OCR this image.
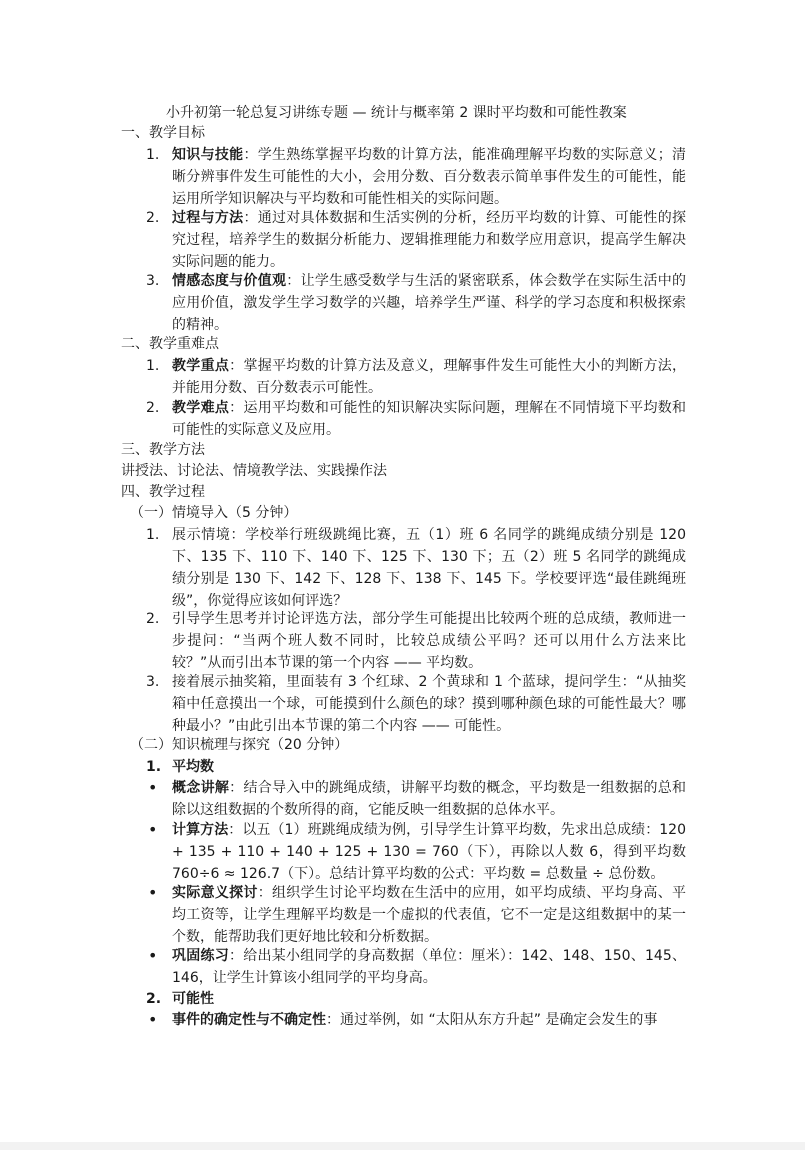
小升初第一轮总复习讲练专题 — 统计与概率第 2 课时平均数和可能性教案
一、教学目标
1. 知识与技能：学生熟练掌握平均数的计算方法，能准确理解平均数的实际意义；清晰分辨事件发生可能性的大小，会用分数、百分数表示简单事件发生的可能性，能运用所学知识解决与平均数和可能性相关的实际问题。
2. 过程与方法：通过对具体数据和生活实例的分析，经历平均数的计算、可能性的探究过程，培养学生的数据分析能力、逻辑推理能力和数学应用意识，提高学生解决实际问题的能力。
3. 情感态度与价值观：让学生感受数学与生活的紧密联系，体会数学在实际生活中的应用价值，激发学生学习数学的兴趣，培养学生严谨、科学的学习态度和积极探索的精神。
二、教学重难点
1. 教学重点：掌握平均数的计算方法及意义，理解事件发生可能性大小的判断方法，并能用分数、百分数表示可能性。
2. 教学难点：运用平均数和可能性的知识解决实际问题，理解在不同情境下平均数和可能性的实际意义及应用。
三、教学方法
讲授法、讨论法、情境教学法、实践操作法
四、教学过程
（一）情境导入（5 分钟）
1. 展示情境：学校举行班级跳绳比赛，五（1）班 6 名同学的跳绳成绩分别是 120 下、135 下、110 下、140 下、125 下、130 下；五（2）班 5 名同学的跳绳成绩分别是 130 下、142 下、128 下、138 下、145 下。学校要评选“最佳跳绳班级”，你觉得应该如何评选？
2. 引导学生思考并讨论评选方法，部分学生可能提出比较两个班的总成绩，教师进一步提问：“当两个班人数不同时，比较总成绩公平吗？还可以用什么方法来比较？”从而引出本节课的第一个内容 —— 平均数。
3. 接着展示抽奖箱，里面装有 3 个红球、2 个黄球和 1 个蓝球，提问学生：“从抽奖箱中任意摸出一个球，可能摸到什么颜色的球？摸到哪种颜色球的可能性最大？哪种最小？”由此引出本节课的第二个内容 —— 可能性。
（二）知识梳理与探究（20 分钟）
1. 平均数
•	概念讲解：结合导入中的跳绳成绩，讲解平均数的概念，平均数是一组数据的总和除以这组数据的个数所得的商，它能反映一组数据的总体水平。
•	计算方法：以五（1）班跳绳成绩为例，引导学生计算平均数，先求出总成绩：120 + 135 + 110 + 140 + 125 + 130 = 760（下），再除以人数 6，得到平均数 760÷6 ≈ 126.7（下）。总结计算平均数的公式：平均数 = 总数量 ÷ 总份数。
•	实际意义探讨：组织学生讨论平均数在生活中的应用，如平均成绩、平均身高、平均工资等，让学生理解平均数是一个虚拟的代表值，它不一定是这组数据中的某一个数，能帮助我们更好地比较和分析数据。
•	巩固练习：给出某小组同学的身高数据（单位：厘米）：142、148、150、145、146，让学生计算该小组同学的平均身高。
2. 可能性
•	事件的确定性与不确定性：通过举例，如 “太阳从东方升起” 是确定会发生的事
